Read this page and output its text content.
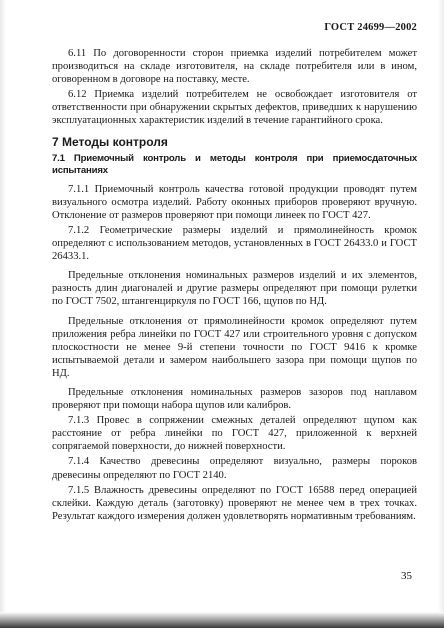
ГОСТ 24699—2002

6.11 По договоренности сторон приемка изделий потребителем может производиться на складе изготовителя, на складе потребителя или в ином, оговоренном в договоре на поставку, месте.

6.12 Приемка изделий потребителем не освобождает изготовителя от ответственности при обнаружении скрытых дефектов, приведших к нарушению эксплуатационных характеристик изделий в течение гарантийного срока.

7 Методы контроля
7.1 Приемочный контроль и методы контроля при приемосдаточных испытаниях

7.1.1 Приемочный контроль качества готовой продукции проводят путем визуального осмотра изделий. Работу оконных приборов проверяют вручную. Отклонение от размеров проверяют при помощи линеек по ГОСТ 427.

7.1.2 Геометрические размеры изделий и прямолинейность кромок определяют с использованием методов, установленных в ГОСТ 26433.0 и ГОСТ 26433.1.

Предельные отклонения номинальных размеров изделий и их элементов, разность длин диагоналей и другие размеры определяют при помощи рулетки по ГОСТ 7502, штангенциркуля по ГОСТ 166, щупов по НД.

Предельные отклонения от прямолинейности кромок определяют путем приложения ребра линейки по ГОСТ 427 или строительного уровня с допуском плоскостности не менее 9-й степени точности по ГОСТ 9416 к кромке испытываемой детали и замером наибольшего зазора при помощи щупов по НД.

Предельные отклонения номинальных размеров зазоров под наплавом проверяют при помощи набора щупов или калибров.

7.1.3 Провес в сопряжении смежных деталей определяют щупом как расстояние от ребра линейки по ГОСТ 427, приложенной к верхней сопрягаемой поверхности, до нижней поверхности.

7.1.4 Качество древесины определяют визуально, размеры пороков древесины определяют по ГОСТ 2140.

7.1.5 Влажность древесины определяют по ГОСТ 16588 перед операцией склейки. Каждую деталь (заготовку) проверяют не менее чем в трех точках. Результат каждого измерения должен удовлетворять нормативным требованиям.

35
